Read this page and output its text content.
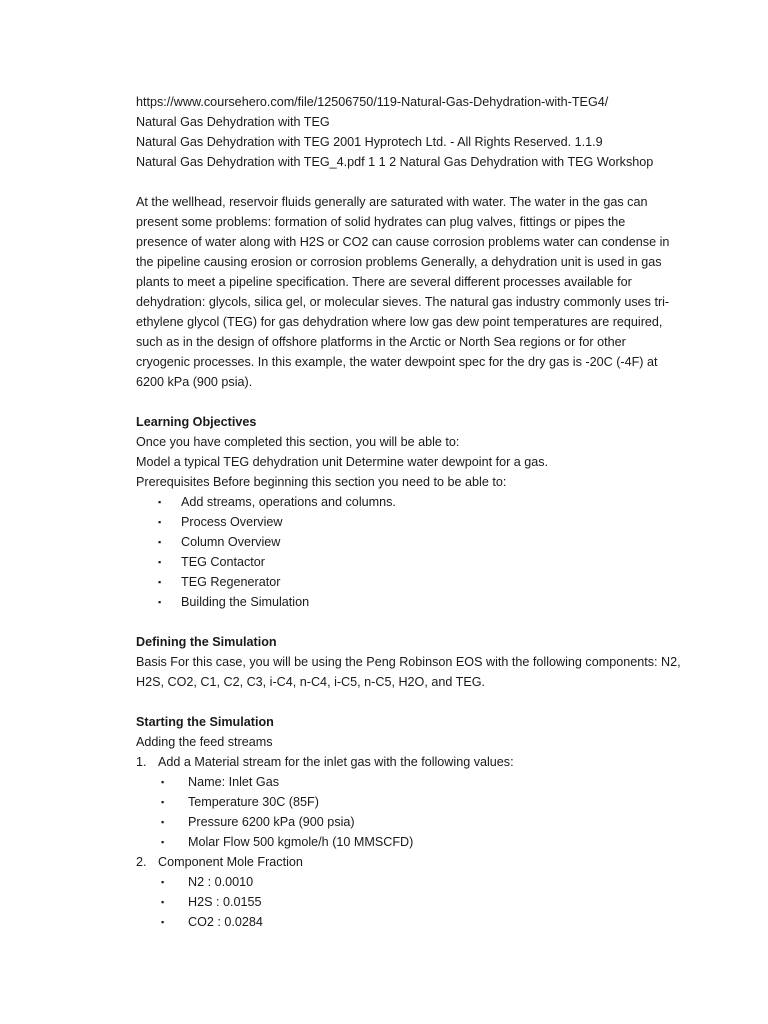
https://www.coursehero.com/file/12506750/119-Natural-Gas-Dehydration-with-TEG4/
Natural Gas Dehydration with TEG
Natural Gas Dehydration with TEG 2001 Hyprotech Ltd. - All Rights Reserved. 1.1.9
Natural Gas Dehydration with TEG_4.pdf 1 1 2 Natural Gas Dehydration with TEG Workshop

At the wellhead, reservoir fluids generally are saturated with water. The water in the gas can
present some problems: formation of solid hydrates can plug valves, fittings or pipes the
presence of water along with H2S or CO2 can cause corrosion problems water can condense in
the pipeline causing erosion or corrosion problems Generally, a dehydration unit is used in gas
plants to meet a pipeline specification. There are several different processes available for
dehydration: glycols, silica gel, or molecular sieves. The natural gas industry commonly uses tri-
ethylene glycol (TEG) for gas dehydration where low gas dew point temperatures are required,
such as in the design of offshore platforms in the Arctic or North Sea regions or for other
cryogenic processes. In this example, the water dewpoint spec for the dry gas is -20C (-4F) at
6200 kPa (900 psia).

Learning Objectives
Once you have completed this section, you will be able to:
Model a typical TEG dehydration unit Determine water dewpoint for a gas.
Prerequisites Before beginning this section you need to be able to:
▪ Add streams, operations and columns.
▪ Process Overview
▪ Column Overview
▪ TEG Contactor
▪ TEG Regenerator
▪ Building the Simulation
Defining the Simulation
Basis For this case, you will be using the Peng Robinson EOS with the following components: N2,
H2S, CO2, C1, C2, C3, i-C4, n-C4, i-C5, n-C5, H2O, and TEG.
Starting the Simulation
Adding the feed streams
1. Add a Material stream for the inlet gas with the following values:
▪ Name: Inlet Gas
▪ Temperature 30C (85F)
▪ Pressure 6200 kPa (900 psia)
▪ Molar Flow 500 kgmole/h (10 MMSCFD)
2. Component Mole Fraction
▪ N2 : 0.0010
▪ H2S : 0.0155
▪ CO2 : 0.0284
